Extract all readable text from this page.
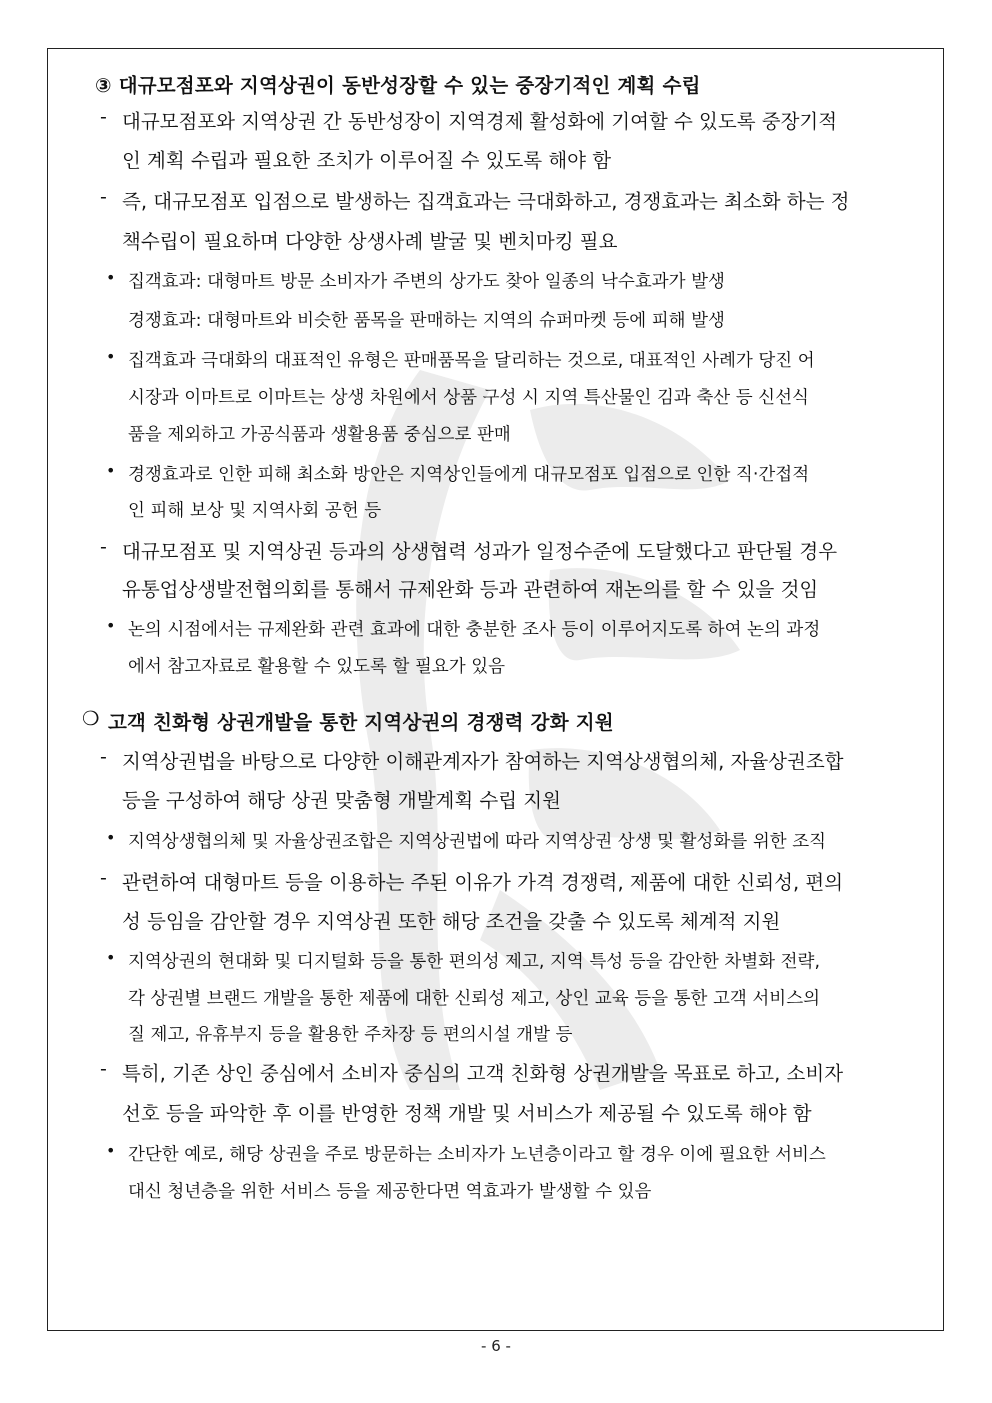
③ 대규모점포와 지역상권이 동반성장할 수 있는 중장기적인 계획 수립
- 대규모점포와 지역상권 간 동반성장이 지역경제 활성화에 기여할 수 있도록 중장기적
인 계획 수립과 필요한 조치가 이루어질 수 있도록 해야 함
- 즉, 대규모점포 입점으로 발생하는 집객효과는 극대화하고, 경쟁효과는 최소화 하는 정
책수립이 필요하며 다양한 상생사례 발굴 및 벤치마킹 필요
• 집객효과: 대형마트 방문 소비자가 주변의 상가도 찾아 일종의 낙수효과가 발생
경쟁효과: 대형마트와 비슷한 품목을 판매하는 지역의 슈퍼마켓 등에 피해 발생
• 집객효과 극대화의 대표적인 유형은 판매품목을 달리하는 것으로, 대표적인 사례가 당진 어
시장과 이마트로 이마트는 상생 차원에서 상품 구성 시 지역 특산물인 김과 축산 등 신선식
품을 제외하고 가공식품과 생활용품 중심으로 판매
• 경쟁효과로 인한 피해 최소화 방안은 지역상인들에게 대규모점포 입점으로 인한 직‧간접적
인 피해 보상 및 지역사회 공헌 등
- 대규모점포 및 지역상권 등과의 상생협력 성과가 일정수준에 도달했다고 판단될 경우
유통업상생발전협의회를 통해서 규제완화 등과 관련하여 재논의를 할 수 있을 것임
• 논의 시점에서는 규제완화 관련 효과에 대한 충분한 조사 등이 이루어지도록 하여 논의 과정
에서 참고자료로 활용할 수 있도록 할 필요가 있음
❍ 고객 친화형 상권개발을 통한 지역상권의 경쟁력 강화 지원
- 지역상권법을 바탕으로 다양한 이해관계자가 참여하는 지역상생협의체, 자율상권조합
등을 구성하여 해당 상권 맞춤형 개발계획 수립 지원
• 지역상생협의체 및 자율상권조합은 지역상권법에 따라 지역상권 상생 및 활성화를 위한 조직
- 관련하여 대형마트 등을 이용하는 주된 이유가 가격 경쟁력, 제품에 대한 신뢰성, 편의
성 등임을 감안할 경우 지역상권 또한 해당 조건을 갖출 수 있도록 체계적 지원
• 지역상권의 현대화 및 디지털화 등을 통한 편의성 제고, 지역 특성 등을 감안한 차별화 전략,
각 상권별 브랜드 개발을 통한 제품에 대한 신뢰성 제고, 상인 교육 등을 통한 고객 서비스의
질 제고, 유휴부지 등을 활용한 주차장 등 편의시설 개발 등
- 특히, 기존 상인 중심에서 소비자 중심의 고객 친화형 상권개발을 목표로 하고, 소비자
선호 등을 파악한 후 이를 반영한 정책 개발 및 서비스가 제공될 수 있도록 해야 함
• 간단한 예로, 해당 상권을 주로 방문하는 소비자가 노년층이라고 할 경우 이에 필요한 서비스
대신 청년층을 위한 서비스 등을 제공한다면 역효과가 발생할 수 있음
- 6 -
